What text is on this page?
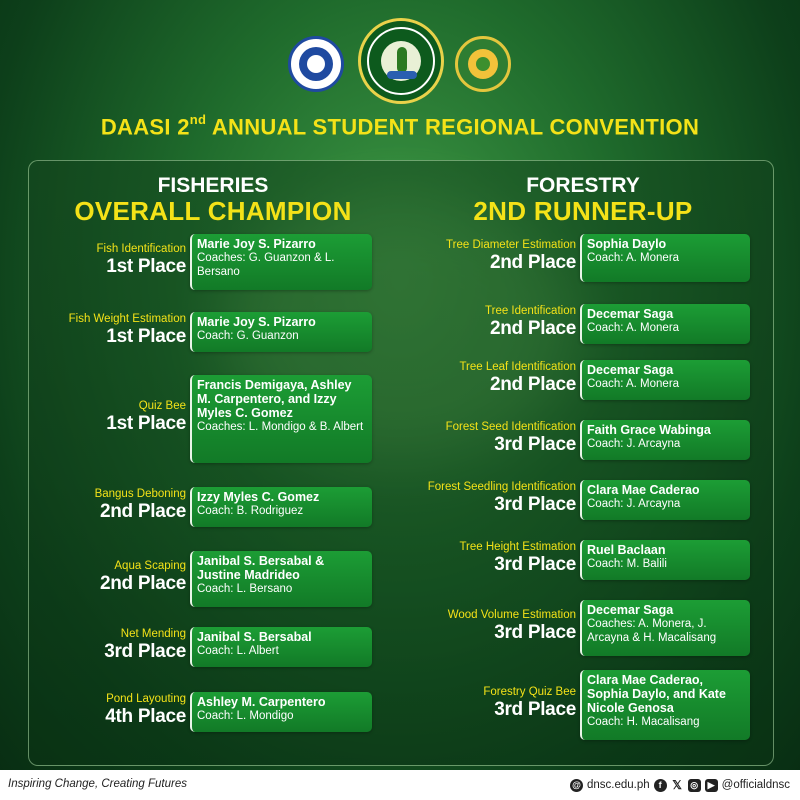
DAASI 2nd ANNUAL STUDENT REGIONAL CONVENTION
FISHERIES
OVERALL CHAMPION
FORESTRY
2ND RUNNER-UP
Fish Identification
1st Place
Marie Joy S. Pizarro
Coaches: G. Guanzon & L. Bersano
Fish Weight Estimation
1st Place
Marie Joy S. Pizarro
Coach: G. Guanzon
Quiz Bee
1st Place
Francis Demigaya, Ashley M. Carpentero, and Izzy Myles C. Gomez
Coaches: L. Mondigo & B. Albert
Bangus Deboning
2nd Place
Izzy Myles C. Gomez
Coach: B. Rodriguez
Aqua Scaping
2nd Place
Janibal S. Bersabal & Justine Madrideo
Coach: L. Bersano
Net Mending
3rd Place
Janibal S. Bersabal
Coach: L. Albert
Pond Layouting
4th Place
Ashley M. Carpentero
Coach: L. Mondigo
Tree Diameter Estimation
2nd Place
Sophia Daylo
Coach: A. Monera
Tree Identification
2nd Place
Decemar Saga
Coach: A. Monera
Tree Leaf Identification
2nd Place
Decemar Saga
Coach: A. Monera
Forest Seed Identification
3rd Place
Faith Grace Wabinga
Coach: J. Arcayna
Forest Seedling Identification
3rd Place
Clara Mae Caderao
Coach: J. Arcayna
Tree Height Estimation
3rd Place
Ruel Baclaan
Coach: M. Balili
Wood Volume Estimation
3rd Place
Decemar Saga
Coaches: A. Monera, J. Arcayna & H. Macalisang
Forestry Quiz Bee
3rd Place
Clara Mae Caderao, Sophia Daylo, and Kate Nicole Genosa
Coach: H. Macalisang
Inspiring Change, Creating Futures	@ dnsc.edu.ph	f 𝕏 ◎	▶ @officialdnsc
